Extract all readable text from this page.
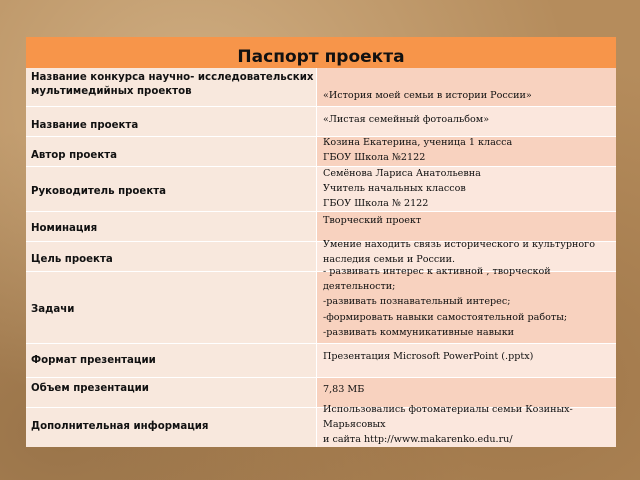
Паспорт проекта
Название конкурса научно- исследовательских мультимедийных проектов
Название проекта
Автор проекта
Руководитель проекта
Номинация
Цель проекта
Задачи
Формат презентации
Объем презентации
Дополнительная информация
«История моей семьи в истории России»
«Листая семейный фотоальбом»
Козина Екатерина, ученица 1 класса
ГБОУ Школа №2122
Семёнова Лариса Анатольевна
Учитель начальных классов
ГБОУ Школа № 2122
Творческий проект
Умение находить связь исторического и культурного
наследия семьи и России.
- развивать интерес к активной , творческой
деятельности;
-развивать познавательный интерес;
-формировать навыки самостоятельной работы;
-развивать коммуникативные навыки
Презентация Microsoft PowerPoint (.pptx)
7,83 МБ
Использовались фотоматериалы семьи Козиных-
Марьясовых
и сайта http://www.makarenko.edu.ru/
